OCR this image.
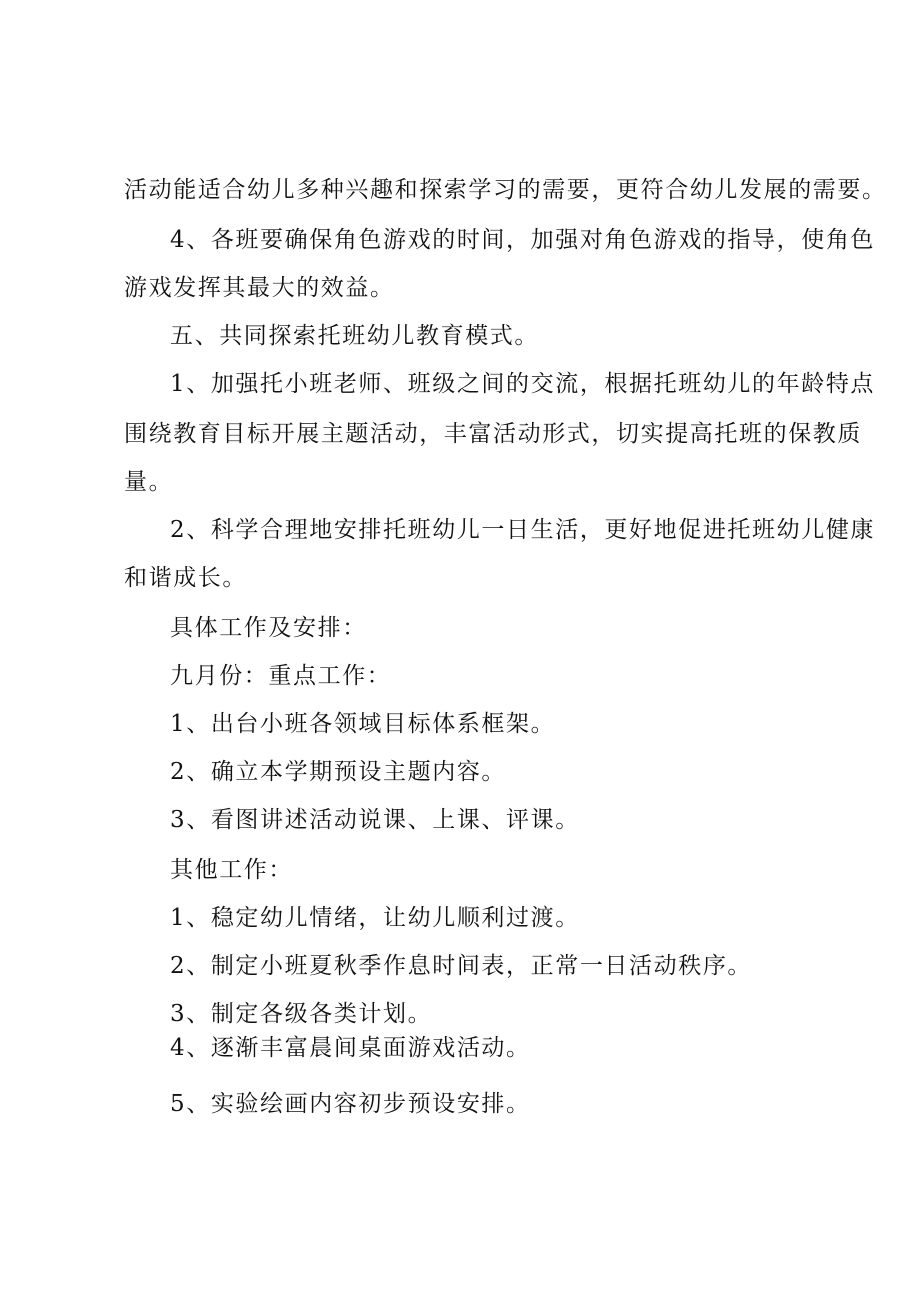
活动能适合幼儿多种兴趣和探索学习的需要，更符合幼儿发展的需要。
4、各班要确保角色游戏的时间，加强对角色游戏的指导，使角色
游戏发挥其最大的效益。
五、共同探索托班幼儿教育模式。
1、加强托小班老师、班级之间的交流，根据托班幼儿的年龄特点
围绕教育目标开展主题活动，丰富活动形式，切实提高托班的保教质
量。
2、科学合理地安排托班幼儿一日生活，更好地促进托班幼儿健康
和谐成长。
具体工作及安排：
九月份：重点工作：
1、出台小班各领域目标体系框架。
2、确立本学期预设主题内容。
3、看图讲述活动说课、上课、评课。
其他工作：
1、稳定幼儿情绪，让幼儿顺利过渡。
2、制定小班夏秋季作息时间表，正常一日活动秩序。
3、制定各级各类计划。
4、逐渐丰富晨间桌面游戏活动。
5、实验绘画内容初步预设安排。
